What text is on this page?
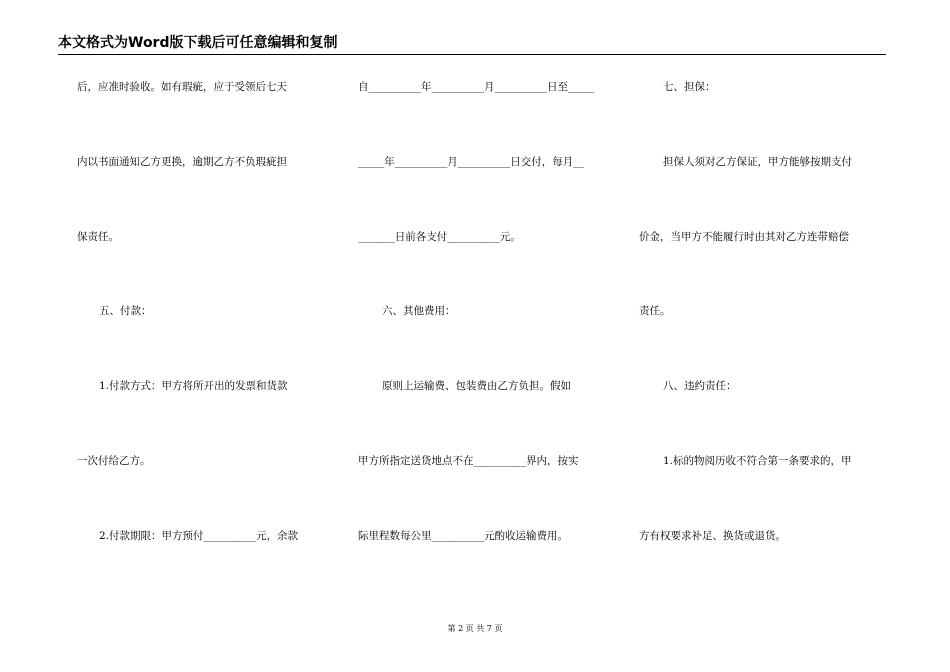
本文格式为Word版下载后可任意编辑和复制
后，应准时验收。如有瑕疵，应于受领后七天
内以书面通知乙方更换，逾期乙方不负瑕疵担
保责任。
五、付款：
1.付款方式：甲方将所开出的发票和货款
一次付给乙方。
2.付款期限：甲方预付__________元，余款
自__________年__________月__________日至_____
_____年__________月__________日交付，每月__
_______日前各支付__________元。
六、其他费用：
原则上运输费、包装费由乙方负担。假如
甲方所指定送货地点不在__________界内，按实
际里程数每公里__________元酌收运输费用。
七、担保：
担保人须对乙方保证，甲方能够按期支付
价金，当甲方不能履行时由其对乙方连带赔偿
责任。
八、违约责任：
1.标的物阅历收不符合第一条要求的，甲
方有权要求补足、换货或退货。
第 2 页 共 7 页
